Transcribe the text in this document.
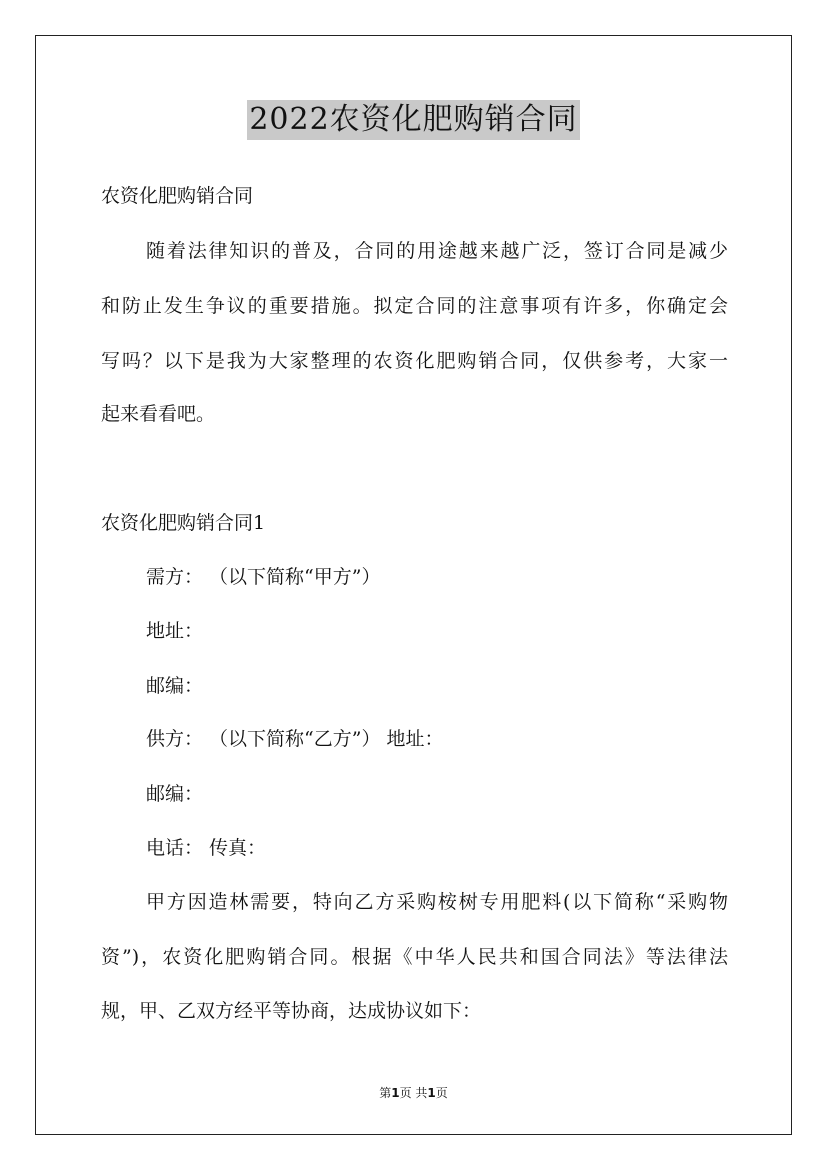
2022农资化肥购销合同
农资化肥购销合同
随着法律知识的普及，合同的用途越来越广泛，签订合同是减少
和防止发生争议的重要措施。拟定合同的注意事项有许多，你确定会
写吗？以下是我为大家整理的农资化肥购销合同，仅供参考，大家一
起来看看吧。
农资化肥购销合同1
需方： （以下简称“甲方”）
地址：
邮编：
供方： （以下简称“乙方”） 地址：
邮编：
电话： 传真：
甲方因造林需要，特向乙方采购桉树专用肥料(以下简称“采购物
资”)，农资化肥购销合同。根据《中华人民共和国合同法》等法律法
规，甲、乙双方经平等协商，达成协议如下：
第1页 共1页
